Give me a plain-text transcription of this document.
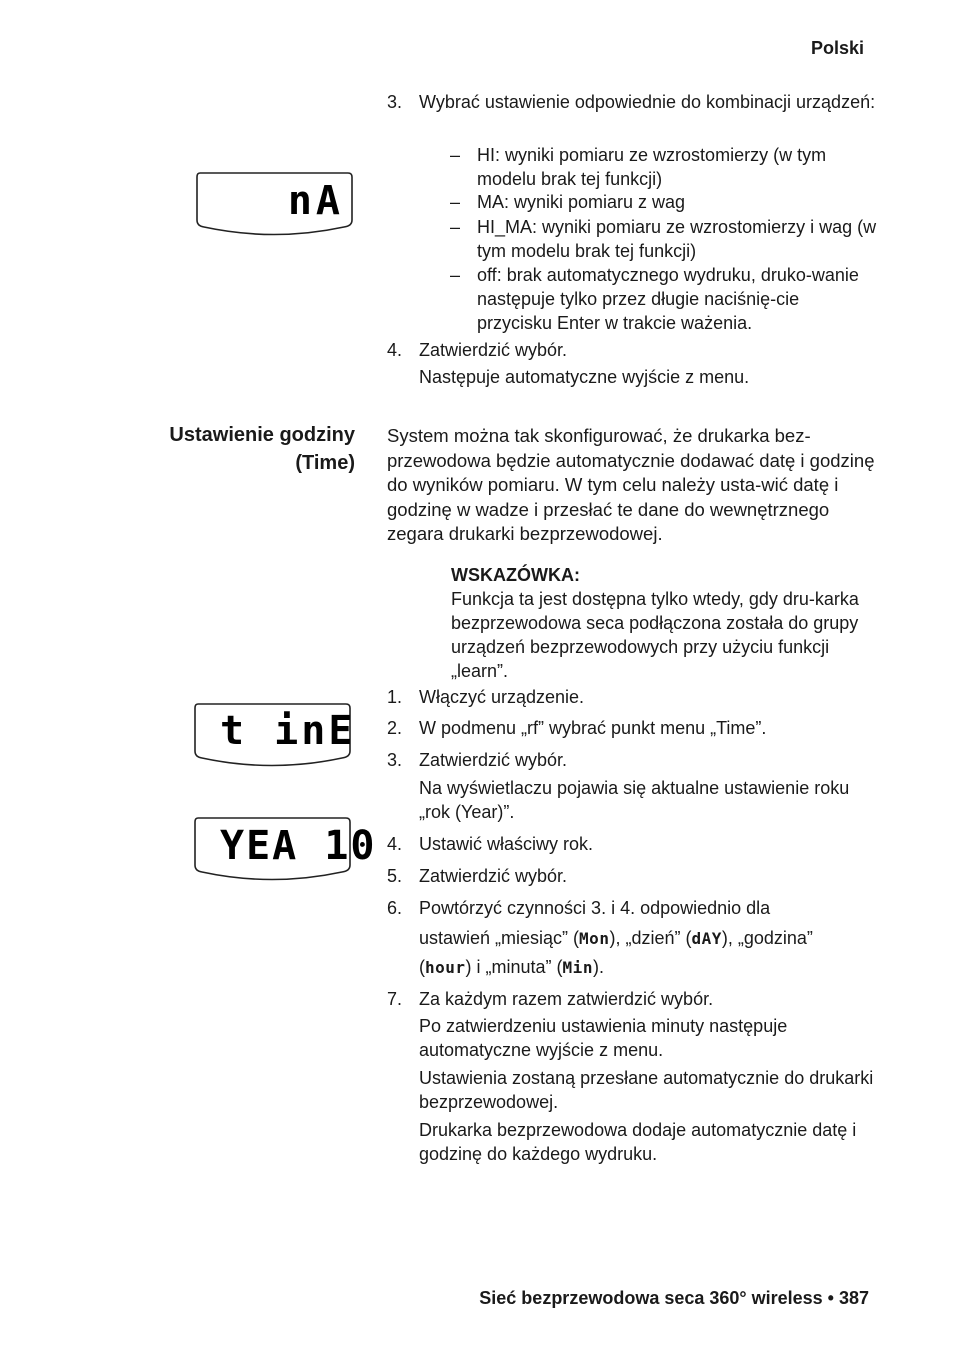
Polski
nA
t inE
YEA 10
3. Wybrać ustawienie odpowiednie do kombinacji urządzeń:
– HI: wyniki pomiaru ze wzrostomierzy (w tym modelu brak tej funkcji)
– MA: wyniki pomiaru z wag
– HI_MA: wyniki pomiaru ze wzrostomierzy i wag (w tym modelu brak tej funkcji)
– off: brak automatycznego wydruku, druko-wanie następuje tylko przez długie naciśnię-cie przycisku Enter w trakcie ważenia.
4. Zatwierdzić wybór.
Następuje automatyczne wyjście z menu.
Ustawienie godziny
(Time)
System można tak skonfigurować, że drukarka bez-przewodowa będzie automatycznie dodawać datę i godzinę do wyników pomiaru. W tym celu należy usta-wić datę i godzinę w wadze i przesłać te dane do wewnętrznego zegara drukarki bezprzewodowej.
WSKAZÓWKA:
Funkcja ta jest dostępna tylko wtedy, gdy dru-karka bezprzewodowa seca podłączona została do grupy urządzeń bezprzewodowych przy użyciu funkcji „learn”.
1. Włączyć urządzenie.
2. W podmenu „rf” wybrać punkt menu „Time”.
3. Zatwierdzić wybór.
Na wyświetlaczu pojawia się aktualne ustawienie roku „rok (Year)”.
4. Ustawić właściwy rok.
5. Zatwierdzić wybór.
6. Powtórzyć czynności 3. i 4. odpowiednio dla
ustawień „miesiąc” (Mon), „dzień” (dAY), „godzina”
(hour) i „minuta” (Min).
7. Za każdym razem zatwierdzić wybór.
Po zatwierdzeniu ustawienia minuty następuje automatyczne wyjście z menu.
Ustawienia zostaną przesłane automatycznie do drukarki bezprzewodowej.
Drukarka bezprzewodowa dodaje automatycznie datę i godzinę do każdego wydruku.
Sieć bezprzewodowa seca 360° wireless • 387
